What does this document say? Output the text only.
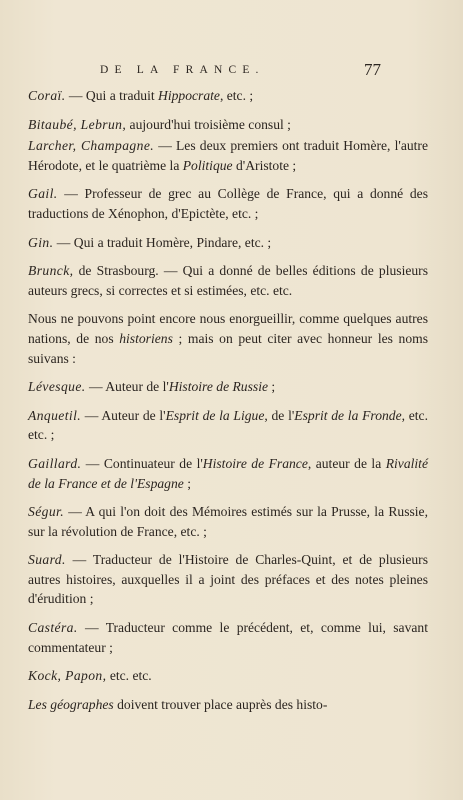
DE LA FRANCE.	77
Coraï. — Qui a traduit Hippocrate, etc. ;
Bitaubé, Lebrun, aujourd'hui troisième consul ;
Larcher, Champagne. — Les deux premiers ont traduit Homère, l'autre Hérodote, et le quatrième la Politique d'Aristote ;
Gail. — Professeur de grec au Collège de France, qui a donné des traductions de Xénophon, d'Epictète, etc. ;
Gin. — Qui a traduit Homère, Pindare, etc. ;
Brunck, de Strasbourg. — Qui a donné de belles éditions de plusieurs auteurs grecs, si correctes et si estimées, etc. etc.
Nous ne pouvons point encore nous enorgueillir, comme quelques autres nations, de nos historiens ; mais on peut citer avec honneur les noms suivans :
Lévesque. — Auteur de l'Histoire de Russie ;
Anquetil. — Auteur de l'Esprit de la Ligue, de l'Esprit de la Fronde, etc. etc. ;
Gaillard. — Continuateur de l'Histoire de France, auteur de la Rivalité de la France et de l'Espagne ;
Ségur. — A qui l'on doit des Mémoires estimés sur la Prusse, la Russie, sur la révolution de France, etc. ;
Suard. — Traducteur de l'Histoire de Charles-Quint, et de plusieurs autres histoires, auxquelles il a joint des préfaces et des notes pleines d'érudition ;
Castéra. — Traducteur comme le précédent, et, comme lui, savant commentateur ;
Kock, Papon, etc. etc.
Les géographes doivent trouver place auprès des histo-
